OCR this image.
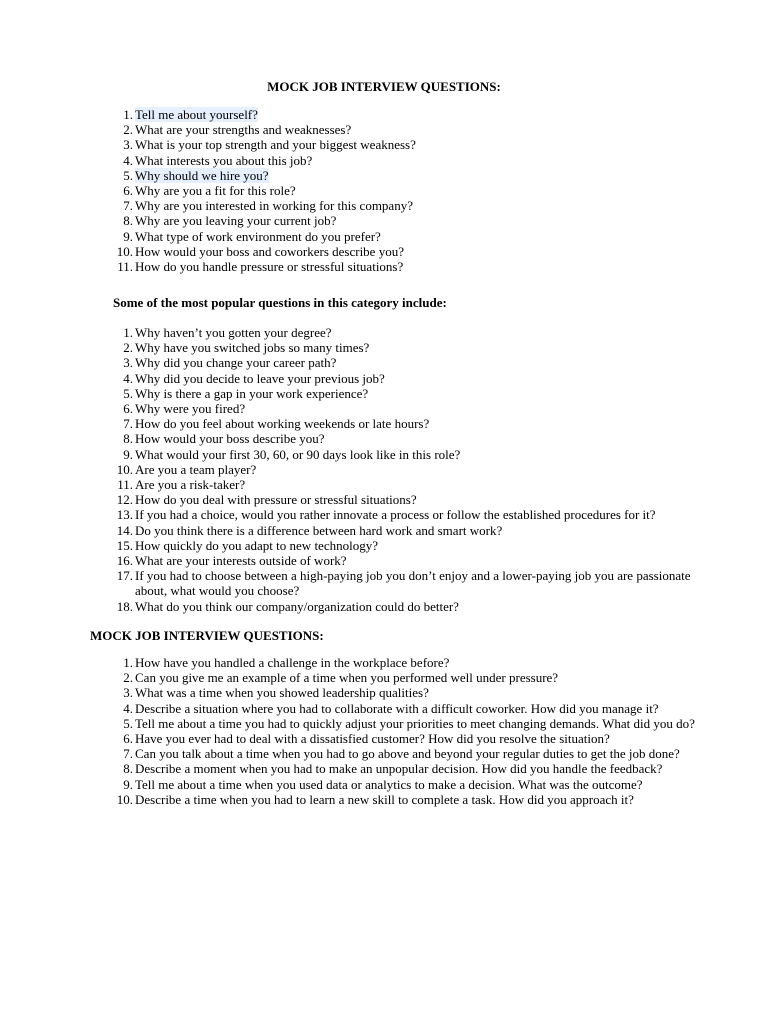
MOCK JOB INTERVIEW QUESTIONS:
1. Tell me about yourself?
2. What are your strengths and weaknesses?
3. What is your top strength and your biggest weakness?
4. What interests you about this job?
5. Why should we hire you?
6. Why are you a fit for this role?
7. Why are you interested in working for this company?
8. Why are you leaving your current job?
9. What type of work environment do you prefer?
10. How would your boss and coworkers describe you?
11. How do you handle pressure or stressful situations?
Some of the most popular questions in this category include:
1. Why haven’t you gotten your degree?
2. Why have you switched jobs so many times?
3. Why did you change your career path?
4. Why did you decide to leave your previous job?
5. Why is there a gap in your work experience?
6. Why were you fired?
7. How do you feel about working weekends or late hours?
8. How would your boss describe you?
9. What would your first 30, 60, or 90 days look like in this role?
10. Are you a team player?
11. Are you a risk-taker?
12. How do you deal with pressure or stressful situations?
13. If you had a choice, would you rather innovate a process or follow the established procedures for it?
14. Do you think there is a difference between hard work and smart work?
15. How quickly do you adapt to new technology?
16. What are your interests outside of work?
17. If you had to choose between a high-paying job you don’t enjoy and a lower-paying job you are passionate about, what would you choose?
18. What do you think our company/organization could do better?
MOCK JOB INTERVIEW QUESTIONS:
1. How have you handled a challenge in the workplace before?
2. Can you give me an example of a time when you performed well under pressure?
3. What was a time when you showed leadership qualities?
4. Describe a situation where you had to collaborate with a difficult coworker. How did you manage it?
5. Tell me about a time you had to quickly adjust your priorities to meet changing demands. What did you do?
6. Have you ever had to deal with a dissatisfied customer? How did you resolve the situation?
7. Can you talk about a time when you had to go above and beyond your regular duties to get the job done?
8. Describe a moment when you had to make an unpopular decision. How did you handle the feedback?
9. Tell me about a time when you used data or analytics to make a decision. What was the outcome?
10. Describe a time when you had to learn a new skill to complete a task. How did you approach it?
